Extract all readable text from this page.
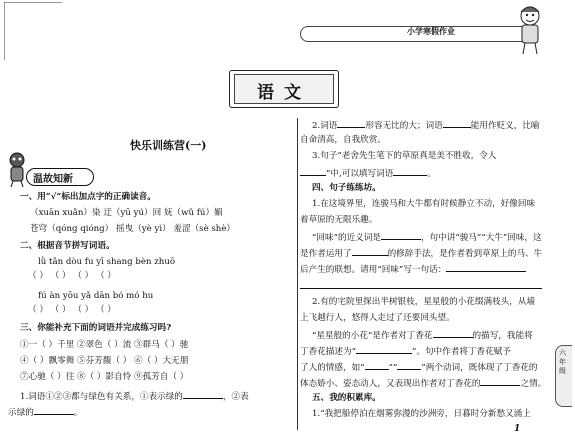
小学寒假作业
语文
快乐训练营(一)
温故知新
一、用“√”标出加点字的正确读音。
（xuān xuǎn）染 迂（yū yú）回 妩（wǔ fú）媚
苍穹（qóng qióng） 摇曳（yè yì） 羞涩（sè shè）
二、根据音节拼写词语。
lǜ tǎn dòu fu yī shang bèn zhuō
（ ） （ ） （ ） （ ）
fú àn yōu yǎ dān bó mó hu
（ ） （ ） （ ） （ ）
三、你能补充下面的词语并完成练习吗?
①一（ ）千里 ②翠色（ ）流 ③群马（ ）驰
④（ ）飘零舞 ⑤芬芳馥（ ） ⑥（ ）大无朋
⑦心驰（ ）往 ⑧（ ）影自怜 ⑨孤芳自（ ）
1.词语①②③都与绿色有关系，①表示绿的	，②表
示绿的	。
2.词语	形容无比的大；词语	能用作贬义，比喻
自命清高，自我欣赏。
3.句子“老舍先生笔下的草原真是美不胜收，令人
”中,可以填写词语	。
四、句子练练坊。
1.在这境界里，连骏马和大牛都有时候静立不动，好像回味
着草原的无限乐趣。
“回味”的近义词是	，句中讲“骏马”“大牛”回味，这
是作者运用了	的修辞手法，是作者看到草原上的马、牛
后产生的联想。请用“回味”写一句话：
2.有的宅院里探出半树银枝，星星般的小花缀满枝头，从墙
上飞越行人，悠得人走过了还要回头望。
“星星般的小花”是作者对丁香花	的描写，我能将
丁香花描述为“	”。句中作者将丁香花赋予
了人的情感，如“	”“	”两个动词，既体现了丁香花的
体态娇小、姿态动人，又表现出作者对丁香花的	之情。
五、我的积累库。
1.“我把船停泊在烟雾弥漫的沙洲旁，日暮时分新愁又涌上
六年级
1
